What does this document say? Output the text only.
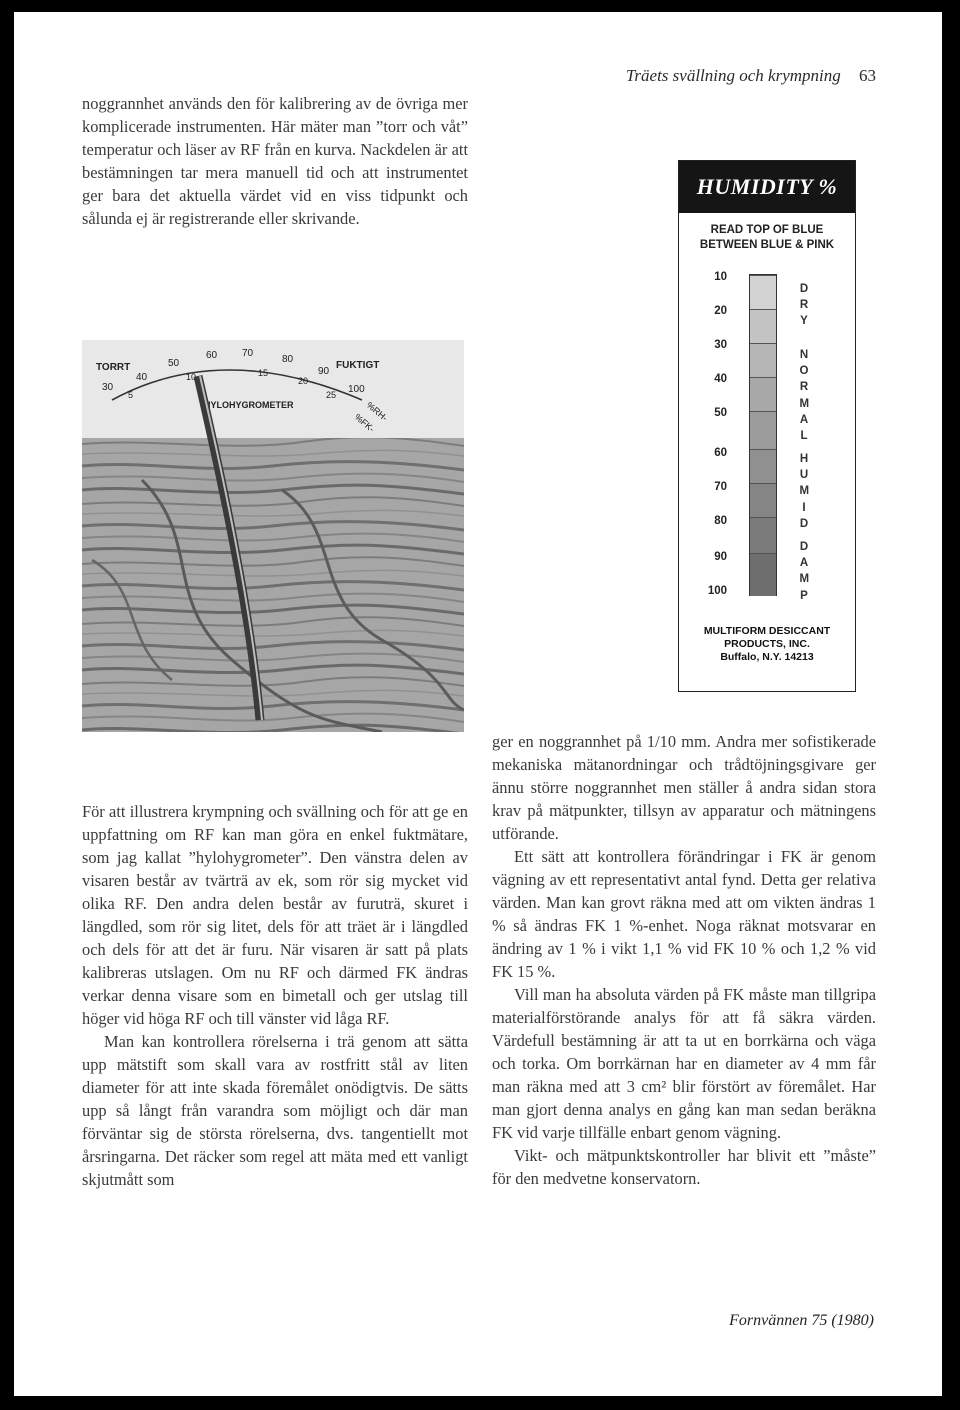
Träets svällning och krympning 63

noggrannhet används den för kalibrering av de övriga mer komplicerade instrumenten. Här mäter man ”torr och våt” temperatur och läser av RF från en kurva. Nackdelen är att bestämningen tar mera manuell tid och att instrumentet ger bara det aktuella värdet vid en viss tidpunkt och sålunda ej är registrerande eller skrivande.

TORRT	FUKTIGT
HYLOHYGROMETER
30
40
50
60 70
80
90
100
5
10	15
20
25
%RH-
%FK-
HUMIDITY %
READ TOP OF BLUE
BETWEEN BLUE & PINK
10
20
30
40
50
60
70
80
90
100
DRY
NORMAL
HUMID
DAMP
MULTIFORM DESICCANT
PRODUCTS, INC.
Buffalo, N.Y. 14213

För att illustrera krympning och svällning och för att ge en uppfattning om RF kan man göra en enkel fuktmätare, som jag kallat ”hylohygrometer”. Den vänstra delen av visaren består av tvärträ av ek, som rör sig mycket vid olika RF. Den andra delen består av furuträ, skuret i längdled, som rör sig litet, dels för att träet är i längdled och dels för att det är furu. När visaren är satt på plats kalibreras utslagen. Om nu RF och därmed FK ändras verkar denna visare som en bimetall och ger utslag till höger vid höga RF och till vänster vid låga RF.

Man kan kontrollera rörelserna i trä genom att sätta upp mätstift som skall vara av rostfritt stål av liten diameter för att inte skada föremålet onödigtvis. De sätts upp så långt från varandra som möjligt och där man förväntar sig de största rörelserna, dvs. tangentiellt mot årsringarna. Det räcker som regel att mäta med ett vanligt skjutmått som

ger en noggrannhet på 1/10 mm. Andra mer sofistikerade mekaniska mätanordningar och trådtöjningsgivare ger ännu större noggrannhet men ställer å andra sidan stora krav på mätpunkter, tillsyn av apparatur och mätningens utförande.

Ett sätt att kontrollera förändringar i FK är genom vägning av ett representativt antal fynd. Detta ger relativa värden. Man kan grovt räkna med att om vikten ändras 1 % så ändras FK 1 %-enhet. Noga räknat motsvarar en ändring av 1 % i vikt 1,1 % vid FK 10 % och 1,2 % vid FK 15 %.

Vill man ha absoluta värden på FK måste man tillgripa materialförstörande analys för att få säkra värden. Värdefull bestämning är att ta ut en borrkärna och väga och torka. Om borrkärnan har en diameter av 4 mm får man räkna med att 3 cm² blir förstört av föremålet. Har man gjort denna analys en gång kan man sedan beräkna FK vid varje tillfälle enbart genom vägning.

Vikt- och mätpunktskontroller har blivit ett ”måste” för den medvetne konservatorn.

Fornvännen 75 (1980)
